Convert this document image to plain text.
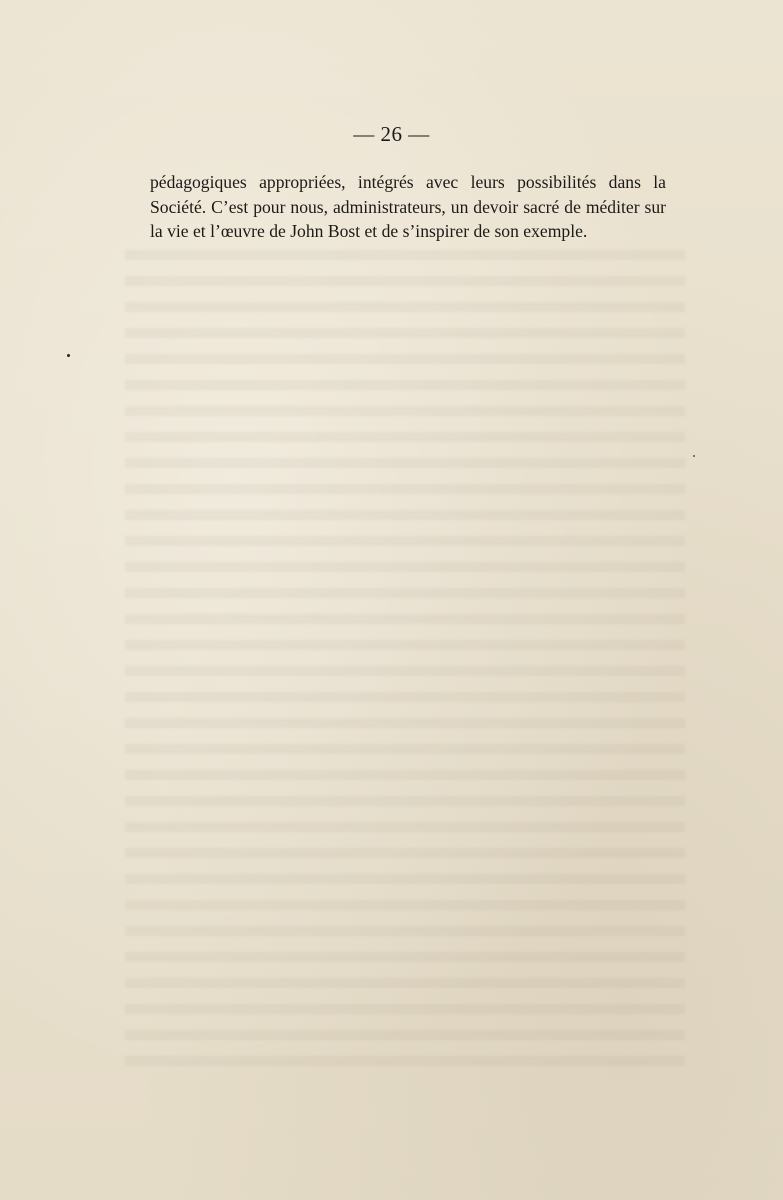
— 26 —

pédagogiques appropriées, intégrés avec leurs possibilités dans la Société. C’est pour nous, administrateurs, un devoir sacré de méditer sur la vie et l’œuvre de John Bost et de s’inspirer de son exemple.
